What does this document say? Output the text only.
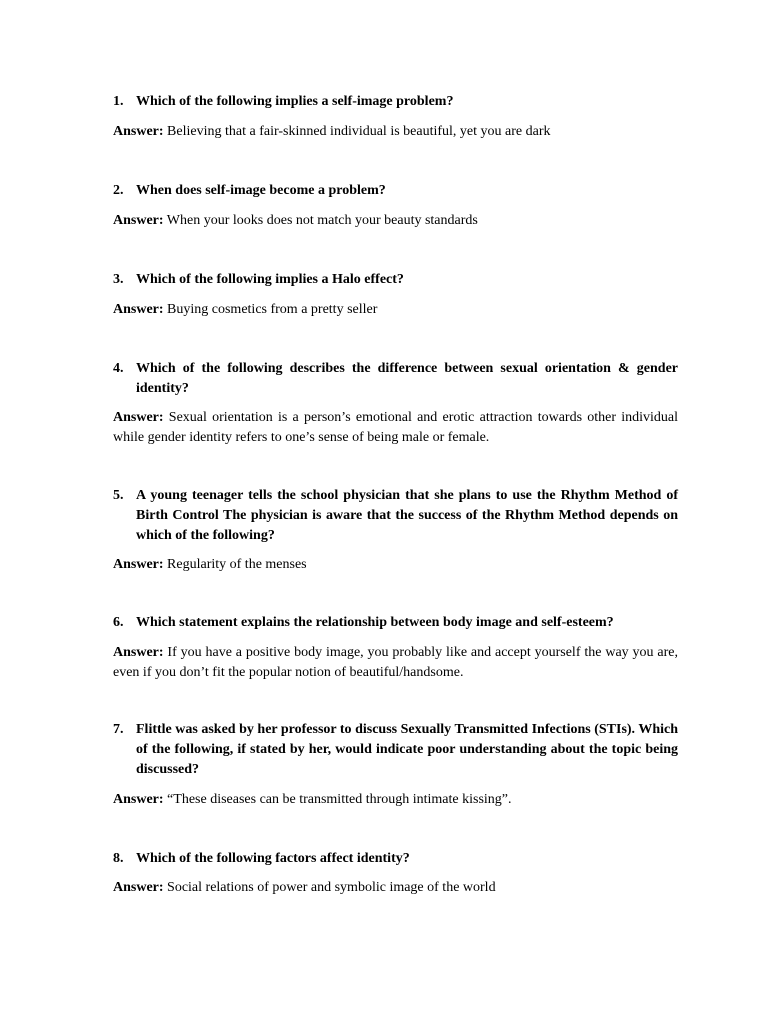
1. Which of the following implies a self-image problem?
Answer: Believing that a fair-skinned individual is beautiful, yet you are dark
2. When does self-image become a problem?
Answer: When your looks does not match your beauty standards
3. Which of the following implies a Halo effect?
Answer: Buying cosmetics from a pretty seller
4. Which of the following describes the difference between sexual orientation & gender identity?
Answer: Sexual orientation is a person’s emotional and erotic attraction towards other individual while gender identity refers to one’s sense of being male or female.
5. A young teenager tells the school physician that she plans to use the Rhythm Method of Birth Control The physician is aware that the success of the Rhythm Method depends on which of the following?
Answer: Regularity of the menses
6. Which statement explains the relationship between body image and self-esteem?
Answer: If you have a positive body image, you probably like and accept yourself the way you are, even if you don’t fit the popular notion of beautiful/handsome.
7. Flittle was asked by her professor to discuss Sexually Transmitted Infections (STIs). Which of the following, if stated by her, would indicate poor understanding about the topic being discussed?
Answer: “These diseases can be transmitted through intimate kissing”.
8. Which of the following factors affect identity?
Answer: Social relations of power and symbolic image of the world
